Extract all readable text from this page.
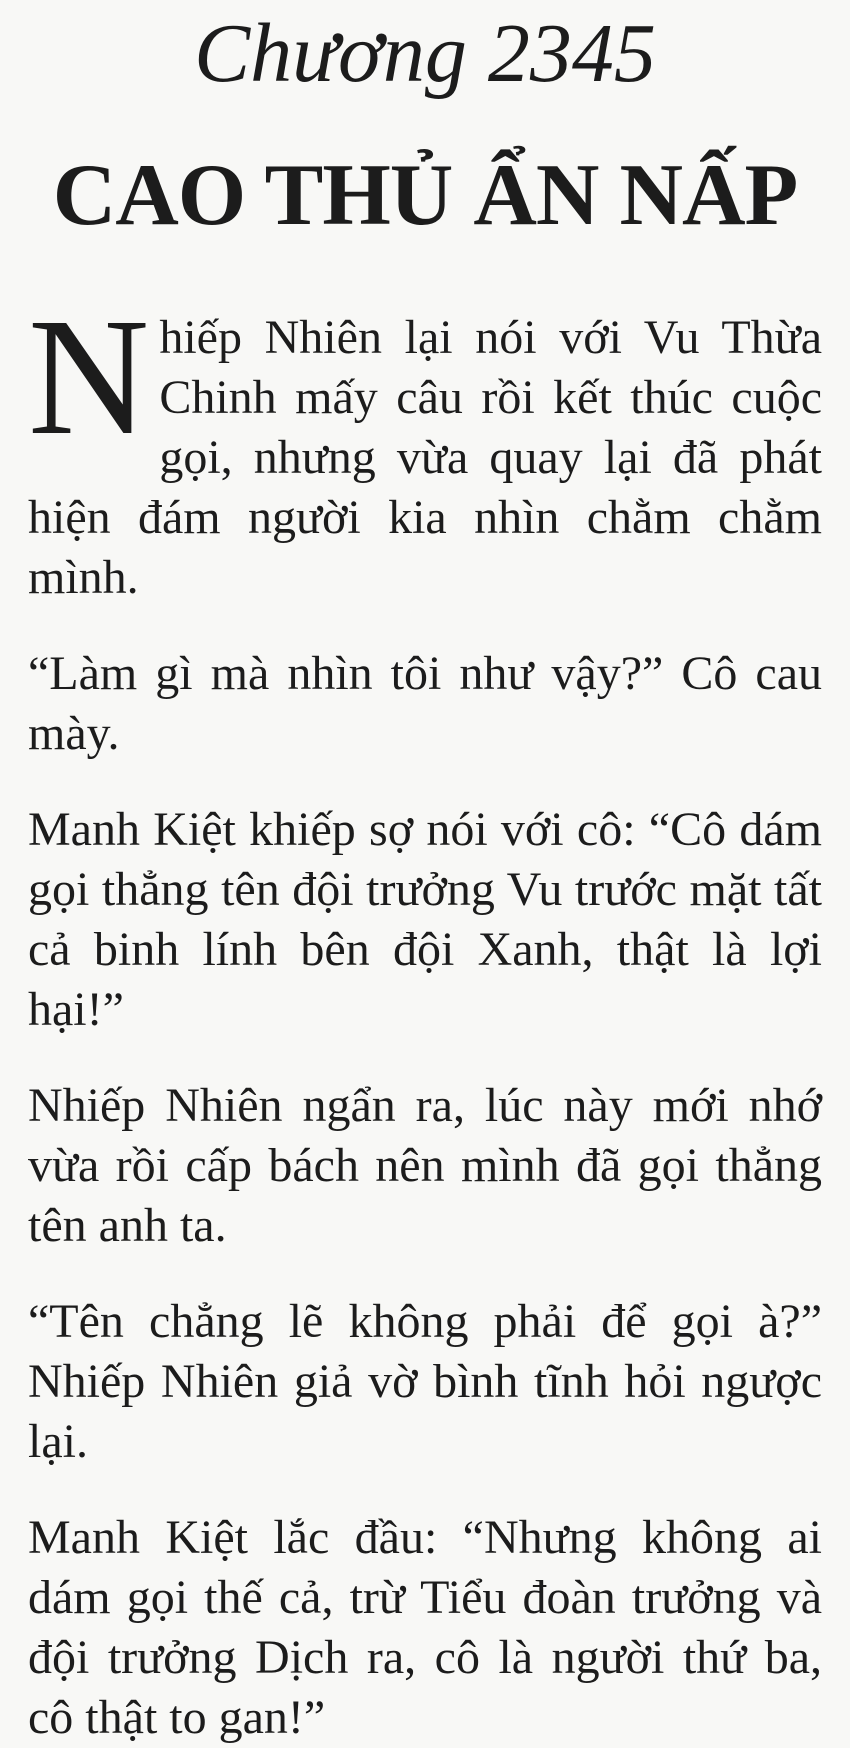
Chương 2345
CAO THỦ ẨN NẤP

Nhiếp Nhiên lại nói với Vu Thừa Chinh mấy câu rồi kết thúc cuộc gọi, nhưng vừa quay lại đã phát hiện đám người kia nhìn chằm chằm mình.

“Làm gì mà nhìn tôi như vậy?” Cô cau mày.

Manh Kiệt khiếp sợ nói với cô: “Cô dám gọi thẳng tên đội trưởng Vu trước mặt tất cả binh lính bên đội Xanh, thật là lợi hại!”

Nhiếp Nhiên ngẩn ra, lúc này mới nhớ vừa rồi cấp bách nên mình đã gọi thẳng tên anh ta.

“Tên chẳng lẽ không phải để gọi à?” Nhiếp Nhiên giả vờ bình tĩnh hỏi ngược lại.

Manh Kiệt lắc đầu: “Nhưng không ai dám gọi thế cả, trừ Tiểu đoàn trưởng và đội trưởng Dịch ra, cô là người thứ ba, cô thật to gan!”
